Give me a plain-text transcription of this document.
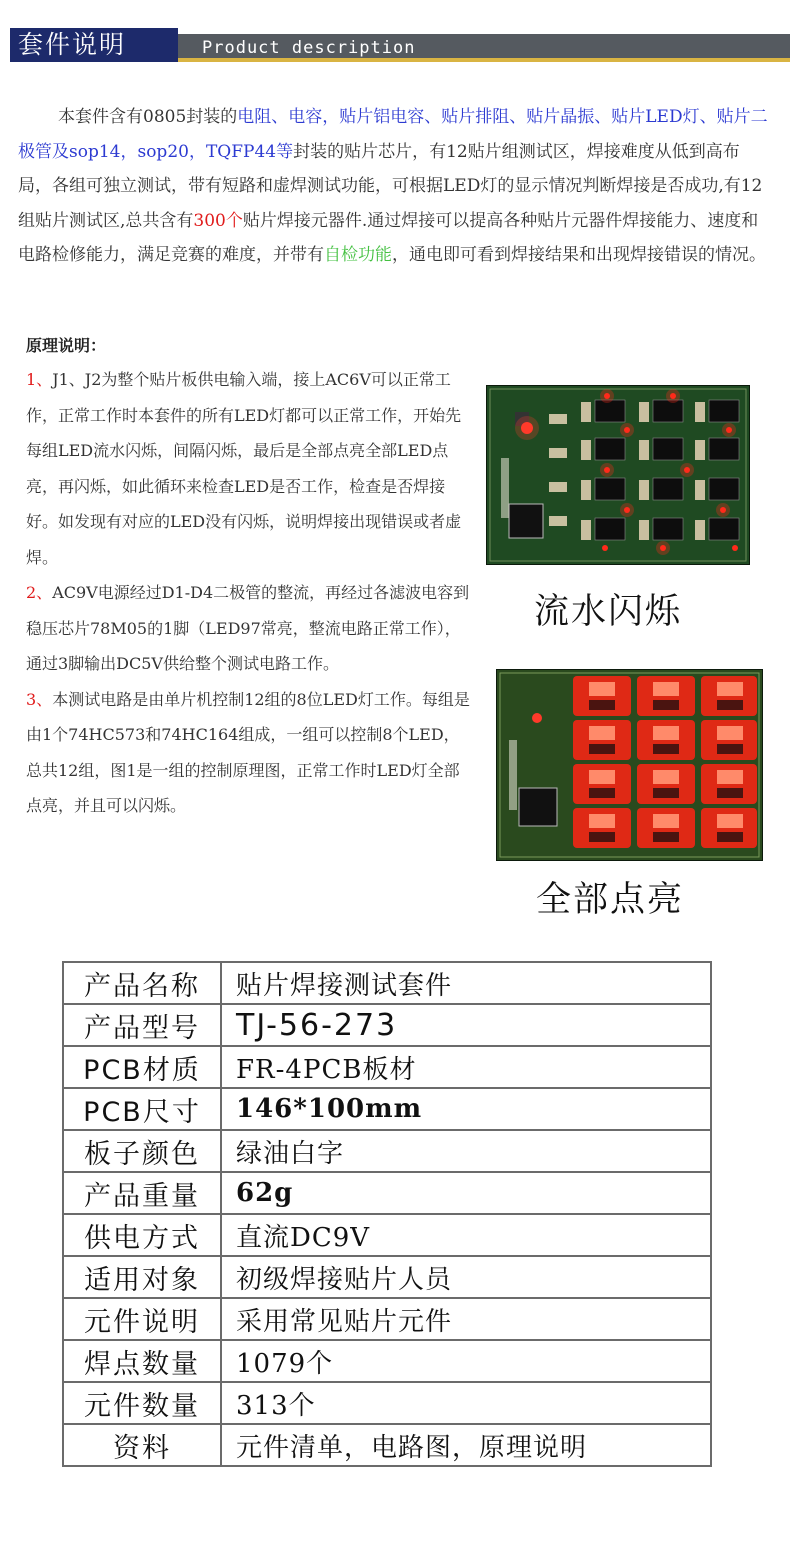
套件说明	Product description

本套件含有0805封装的电阻、电容，贴片铝电容、贴片排阻、贴片晶振、贴片LED灯、贴片二极管及sop14，sop20，TQFP44等封装的贴片芯片，有12贴片组测试区，焊接难度从低到高布局，各组可独立测试，带有短路和虚焊测试功能，可根据LED灯的显示情况判断焊接是否成功,有12组贴片测试区,总共含有300个贴片焊接元器件.通过焊接可以提高各种贴片元器件焊接能力、速度和电路检修能力，满足竞赛的难度，并带有自检功能，通电即可看到焊接结果和出现焊接错误的情况。

原理说明：

1、J1、J2为整个贴片板供电输入端，接上AC6V可以正常工作，正常工作时本套件的所有LED灯都可以正常工作，开始先每组LED流水闪烁，间隔闪烁，最后是全部点亮全部LED点亮，再闪烁，如此循环来检查LED是否工作，检查是否焊接好。如发现有对应的LED没有闪烁，说明焊接出现错误或者虚焊。

2、AC9V电源经过D1-D4二极管的整流，再经过各滤波电容到稳压芯片78M05的1脚（LED97常亮，整流电路正常工作），通过3脚输出DC5V供给整个测试电路工作。

3、本测试电路是由单片机控制12组的8位LED灯工作。每组是由1个74HC573和74HC164组成，一组可以控制8个LED，总共12组，图1是一组的控制原理图，正常工作时LED灯全部点亮，并且可以闪烁。

流水闪烁
全部点亮
产品名称	贴片焊接测试套件
产品型号	TJ-56-273
PCB材质	FR-4PCB板材
PCB尺寸	146*100mm
板子颜色	绿油白字
产品重量	62g
供电方式	直流DC9V
适用对象	初级焊接贴片人员
元件说明	采用常见贴片元件
焊点数量	1079个
元件数量	313个
资料	元件清单，电路图，原理说明
